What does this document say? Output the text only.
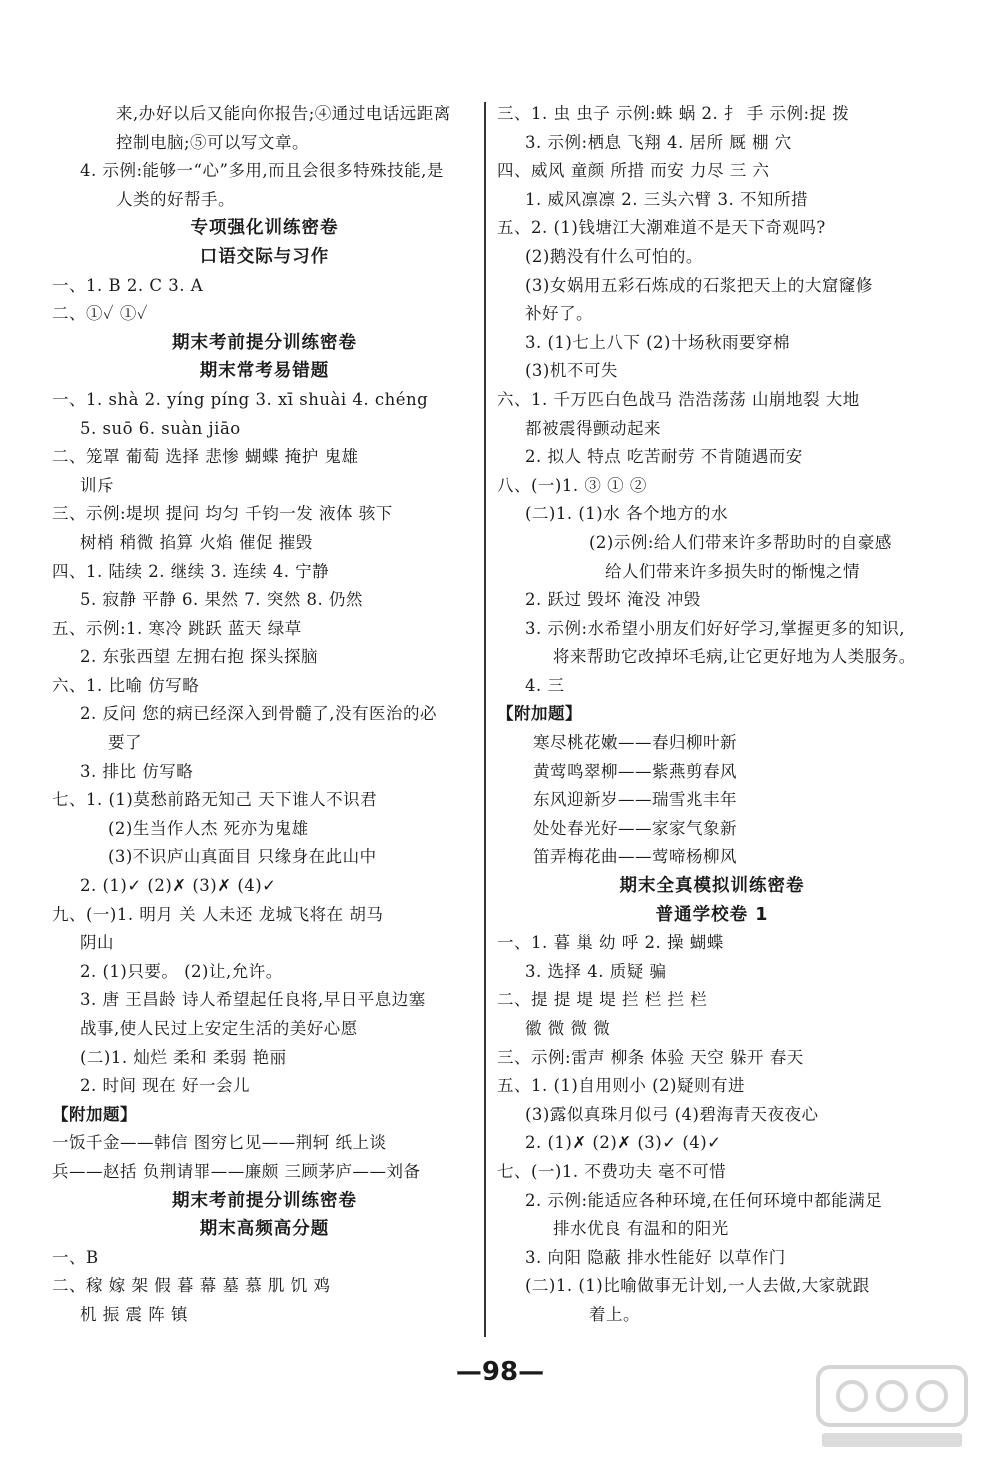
来,办好以后又能向你报告;④通过电话远距离
控制电脑;⑤可以写文章。
4. 示例:能够一“心”多用,而且会很多特殊技能,是
人类的好帮手。
专项强化训练密卷
口语交际与习作
一、1. B 2. C 3. A
二、①✓ ①✓
期末考前提分训练密卷
期末常考易错题
一、1. shà 2. yíng píng 3. xī shuài 4. chéng
5. suō 6. suàn jiāo
二、笼罩 葡萄 选择 悲惨 蝴蝶 掩护 鬼雄
训斥
三、示例:堤坝 提问 均匀 千钧一发 液体 骇下
树梢 稍微 掐算 火焰 催促 摧毁
四、1. 陆续 2. 继续 3. 连续 4. 宁静
5. 寂静 平静 6. 果然 7. 突然 8. 仍然
五、示例:1. 寒冷 跳跃 蓝天 绿草
2. 东张西望 左拥右抱 探头探脑
六、1. 比喻 仿写略
2. 反问 您的病已经深入到骨髓了,没有医治的必
要了
3. 排比 仿写略
七、1. (1)莫愁前路无知己 天下谁人不识君
(2)生当作人杰 死亦为鬼雄
(3)不识庐山真面目 只缘身在此山中
2. (1)✓ (2)✗ (3)✗ (4)✓
九、(一)1. 明月 关 人未还 龙城飞将在 胡马
阴山
2. (1)只要。 (2)让,允许。
3. 唐 王昌龄 诗人希望起任良将,早日平息边塞
战事,使人民过上安定生活的美好心愿
(二)1. 灿烂 柔和 柔弱 艳丽
2. 时间 现在 好一会儿
【附加题】
一饭千金——韩信 图穷匕见——荆轲 纸上谈
兵——赵括 负荆请罪——廉颇 三顾茅庐——刘备
期末考前提分训练密卷
期末高频高分题
一、B
二、稼 嫁 架 假 暮 幕 墓 慕 肌 饥 鸡
机 振 震 阵 镇
三、1. 虫 虫子 示例:蛛 蜗 2. 扌 手 示例:捉 拨
3. 示例:栖息 飞翔 4. 居所 厩 棚 穴
四、威风 童颜 所措 而安 力尽 三 六
1. 威风凛凛 2. 三头六臂 3. 不知所措
五、2. (1)钱塘江大潮难道不是天下奇观吗?
(2)鹅没有什么可怕的。
(3)女娲用五彩石炼成的石浆把天上的大窟窿修
补好了。
3. (1)七上八下 (2)十场秋雨要穿棉
(3)机不可失
六、1. 千万匹白色战马 浩浩荡荡 山崩地裂 大地
都被震得颤动起来
2. 拟人 特点 吃苦耐劳 不肯随遇而安
八、(一)1. ③ ① ②
(二)1. (1)水 各个地方的水
(2)示例:给人们带来许多帮助时的自豪感
给人们带来许多损失时的惭愧之情
2. 跃过 毁坏 淹没 冲毁
3. 示例:水希望小朋友们好好学习,掌握更多的知识,
将来帮助它改掉坏毛病,让它更好地为人类服务。
4. 三
【附加题】
寒尽桃花嫩——春归柳叶新
黄莺鸣翠柳——紫燕剪春风
东风迎新岁——瑞雪兆丰年
处处春光好——家家气象新
笛弄梅花曲——莺啼杨柳风
期末全真模拟训练密卷
普通学校卷 1
一、1. 暮 巢 幼 呼 2. 操 蝴蝶
3. 选择 4. 质疑 骗
二、提 提 堤 堤 拦 栏 拦 栏
徽 微 微 微
三、示例:雷声 柳条 体验 天空 躲开 春天
五、1. (1)自用则小 (2)疑则有进
(3)露似真珠月似弓 (4)碧海青天夜夜心
2. (1)✗ (2)✗ (3)✓ (4)✓
七、(一)1. 不费功夫 毫不可惜
2. 示例:能适应各种环境,在任何环境中都能满足
排水优良 有温和的阳光
3. 向阳 隐蔽 排水性能好 以草作门
(二)1. (1)比喻做事无计划,一人去做,大家就跟
着上。
—98—
